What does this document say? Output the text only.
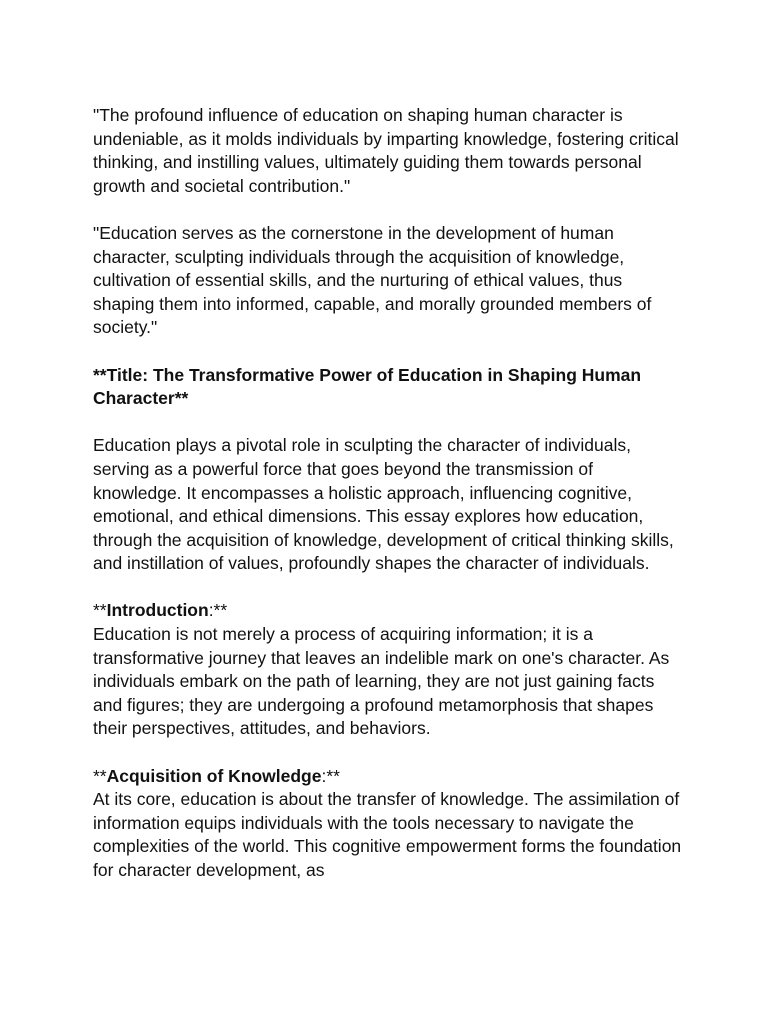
"The profound influence of education on shaping human character is undeniable, as it molds individuals by imparting knowledge, fostering critical thinking, and instilling values, ultimately guiding them towards personal growth and societal contribution."

"Education serves as the cornerstone in the development of human character, sculpting individuals through the acquisition of knowledge, cultivation of essential skills, and the nurturing of ethical values, thus shaping them into informed, capable, and morally grounded members of society."

**Title: The Transformative Power of Education in Shaping Human Character**

Education plays a pivotal role in sculpting the character of individuals, serving as a powerful force that goes beyond the transmission of knowledge. It encompasses a holistic approach, influencing cognitive, emotional, and ethical dimensions. This essay explores how education, through the acquisition of knowledge, development of critical thinking skills, and instillation of values, profoundly shapes the character of individuals.

**Introduction:**

Education is not merely a process of acquiring information; it is a transformative journey that leaves an indelible mark on one's character. As individuals embark on the path of learning, they are not just gaining facts and figures; they are undergoing a profound metamorphosis that shapes their perspectives, attitudes, and behaviors.

**Acquisition of Knowledge:**

At its core, education is about the transfer of knowledge. The assimilation of information equips individuals with the tools necessary to navigate the complexities of the world. This cognitive empowerment forms the foundation for character development, as
